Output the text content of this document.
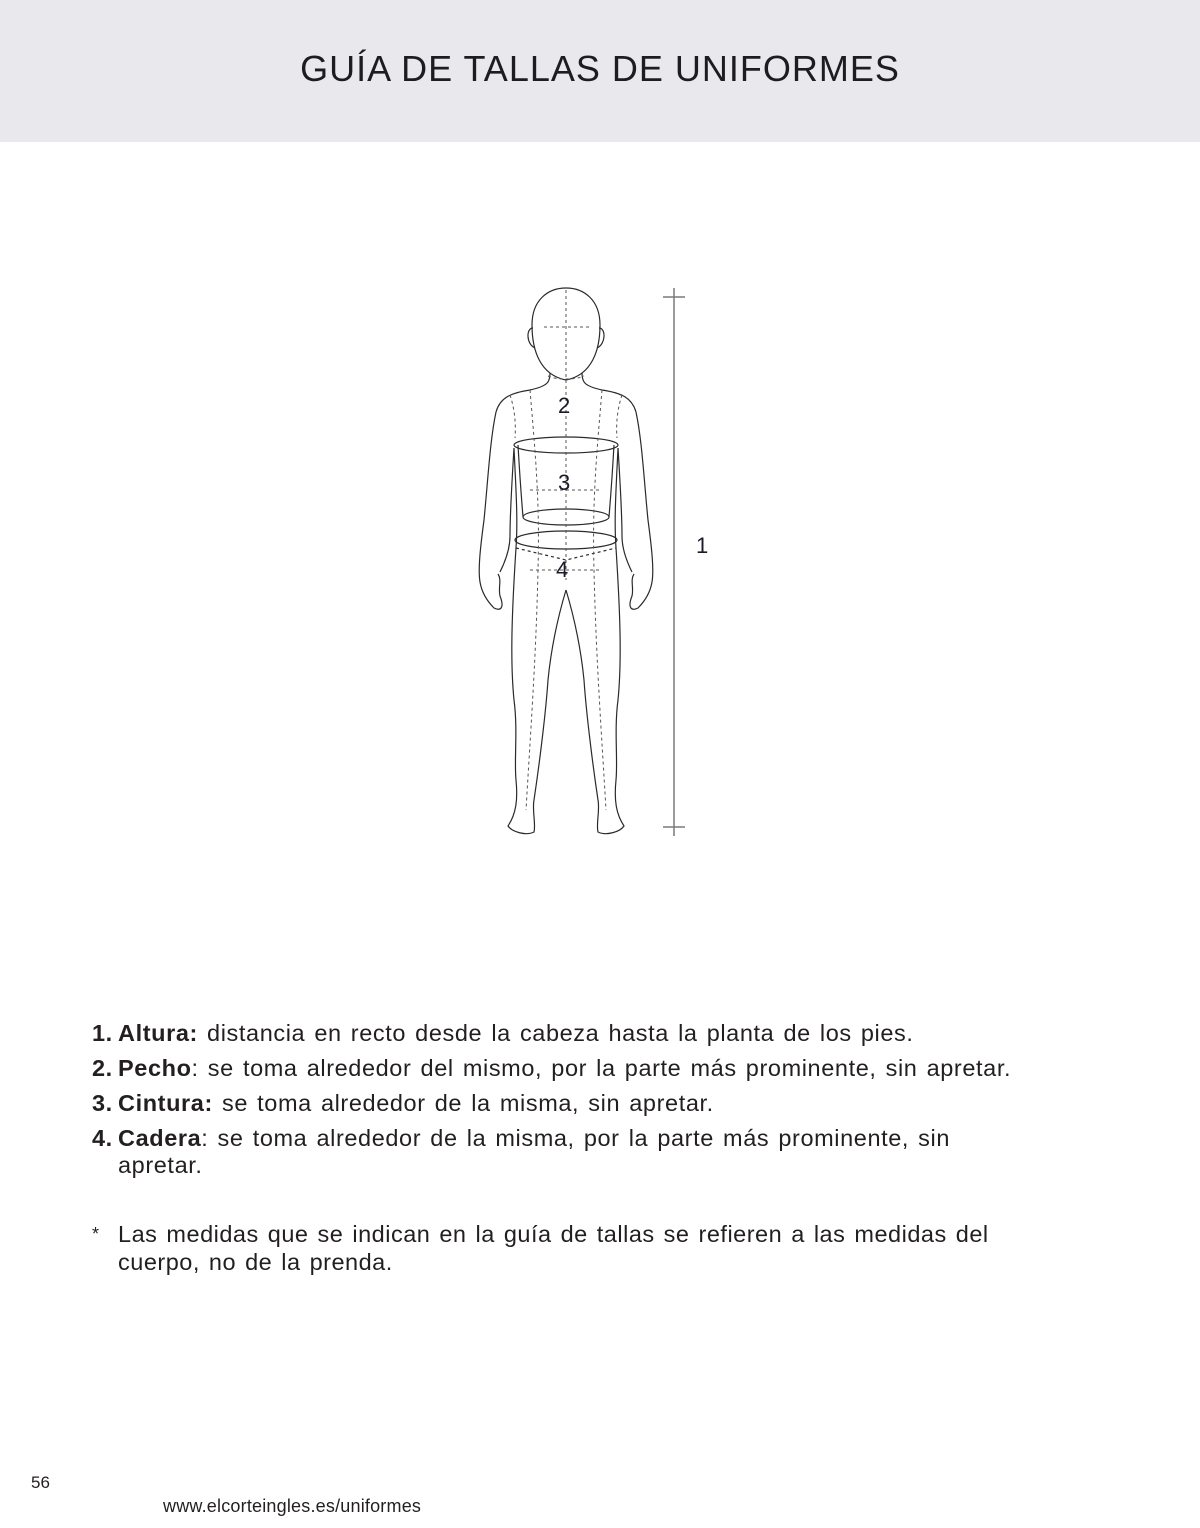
GUÍA DE TALLAS DE UNIFORMES
2
3
4
1
1. Altura: distancia en recto desde la cabeza hasta la planta de los pies.
2. Pecho: se toma alrededor del mismo, por la parte más prominente, sin apretar.
3. Cintura: se toma alrededor de la misma, sin apretar.
4. Cadera: se toma alrededor de la misma, por la parte más prominente, sin apretar.
* Las medidas que se indican en la guía de tallas se refieren a las medidas del cuerpo, no de la prenda.
56
www.elcorteingles.es/uniformes
